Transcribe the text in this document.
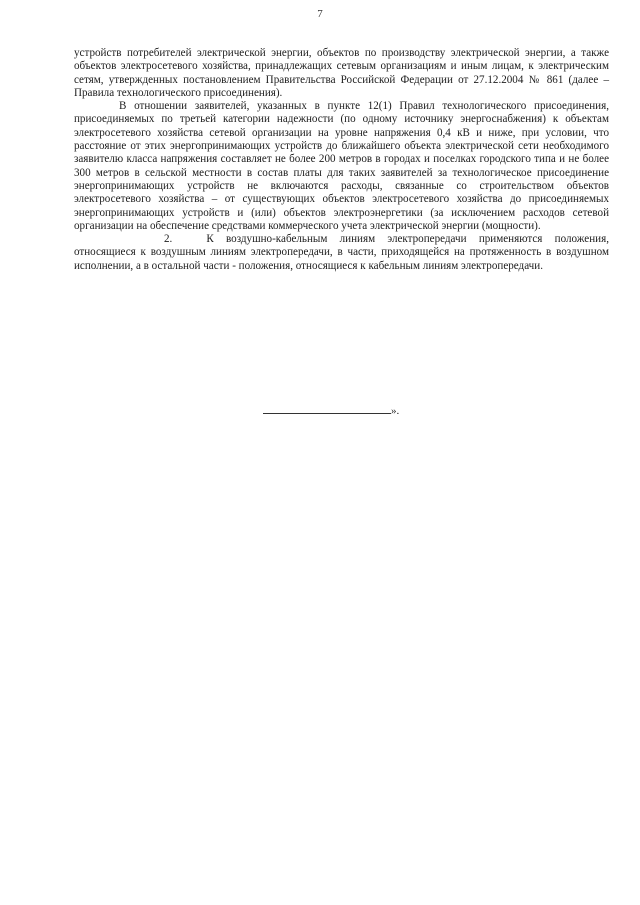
7

устройств потребителей электрической энергии, объектов по производству электрической энергии, а также объектов электросетевого хозяйства, принадлежащих сетевым организациям и иным лицам, к электрическим сетям, утвержденных постановлением Правительства Российской Федерации от 27.12.2004 № 861 (далее – Правила технологического присоединения).

В отношении заявителей, указанных в пункте 12(1) Правил технологического присоединения, присоединяемых по третьей категории надежности (по одному источнику энергоснабжения) к объектам электросетевого хозяйства сетевой организации на уровне напряжения 0,4 кВ и ниже, при условии, что расстояние от этих энергопринимающих устройств до ближайшего объекта электрической сети необходимого заявителю класса напряжения составляет не более 200 метров в городах и поселках городского типа и не более 300 метров в сельской местности в состав платы для таких заявителей за технологическое присоединение энергопринимающих устройств не включаются расходы, связанные со строительством объектов электросетевого хозяйства – от существующих объектов электросетевого хозяйства до присоединяемых энергопринимающих устройств и (или) объектов электроэнергетики (за исключением расходов сетевой организации на обеспечение средствами коммерческого учета электрической энергии (мощности).

2.	К воздушно-кабельным линиям электропередачи применяются положения, относящиеся к воздушным линиям электропередачи, в части, приходящейся на протяженность в воздушном исполнении, а в остальной части - положения, относящиеся к кабельным линиям электропередачи.

».
